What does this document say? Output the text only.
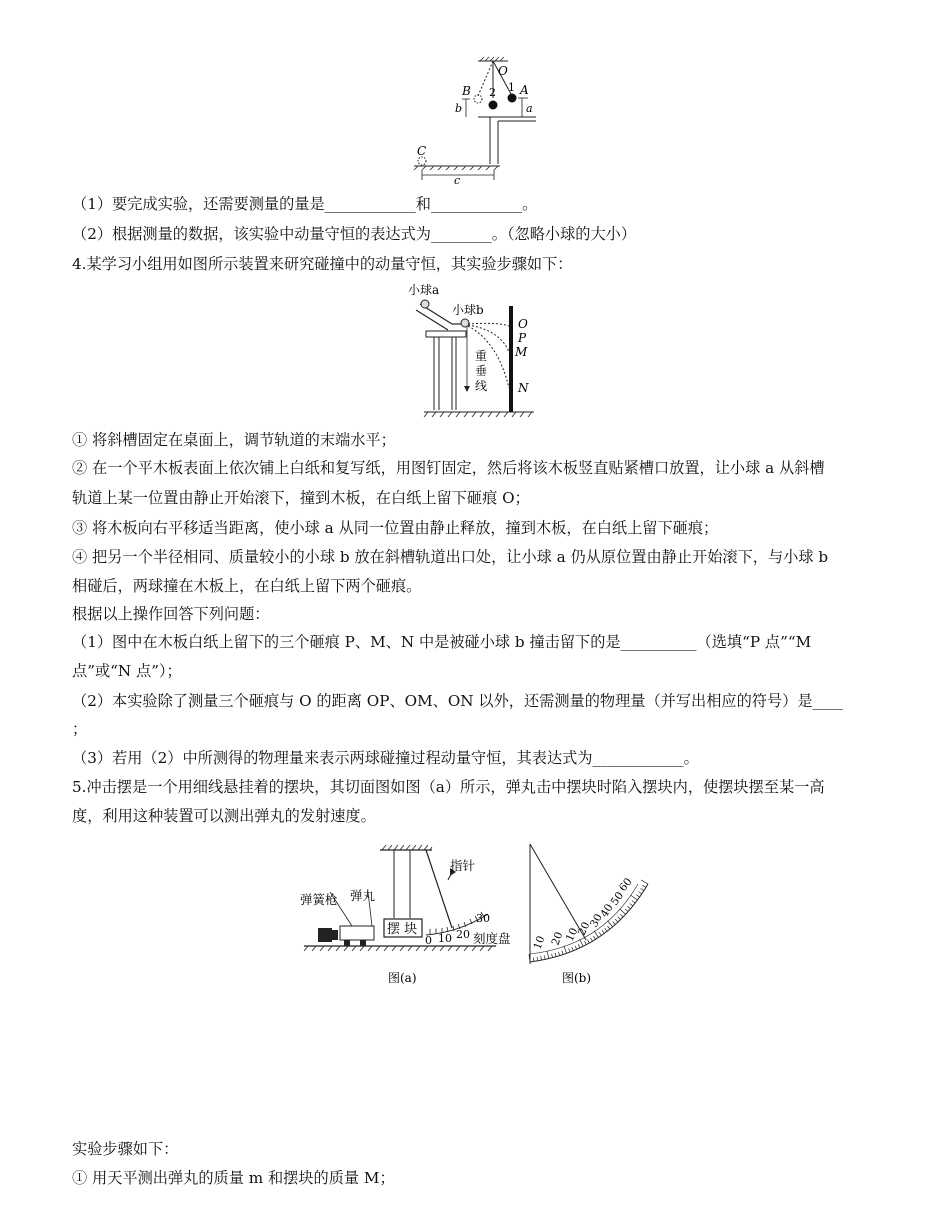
O
2 1 A
B
b	a
C
c
（1）要完成实验，还需要测量的量是____________和____________。
（2）根据测量的数据，该实验中动量守恒的表达式为________。（忽略小球的大小）
4.某学习小组用如图所示装置来研究碰撞中的动量守恒，其实验步骤如下：
小球a
小球b
O
P
M
N
重
垂
线
① 将斜槽固定在桌面上，调节轨道的末端水平；
② 在一个平木板表面上依次铺上白纸和复写纸，用图钉固定，然后将该木板竖直贴紧槽口放置，让小球 a 从斜槽
轨道上某一位置由静止开始滚下，撞到木板，在白纸上留下砸痕 O；
③ 将木板向右平移适当距离，使小球 a 从同一位置由静止释放，撞到木板，在白纸上留下砸痕；
④ 把另一个半径相同、质量较小的小球 b 放在斜槽轨道出口处，让小球 a 仍从原位置由静止开始滚下，与小球 b
相碰后，两球撞在木板上，在白纸上留下两个砸痕。
根据以上操作回答下列问题：
（1）图中在木板白纸上留下的三个砸痕 P、M、N 中是被碰小球 b 撞击留下的是__________（选填“P 点”“M
点”或“N 点”）；
（2）本实验除了测量三个砸痕与 O 的距离 OP、OM、ON 以外，还需测量的物理量（并写出相应的符号）是____
；
（3）若用（2）中所测得的物理量来表示两球碰撞过程动量守恒，其表达式为____________。
5.冲击摆是一个用细线悬挂着的摆块，其切面图如图（a）所示，弹丸击中摆块时陷入摆块内，使摆块摆至某一高
度，利用这种装置可以测出弹丸的发射速度。
弹簧枪 弹丸
摆 块
指针
刻度盘
0 10 20
30
图(a)
10 20
10
20
30
40
50
60
图(b)
实验步骤如下：
① 用天平测出弹丸的质量 m 和摆块的质量 M；
